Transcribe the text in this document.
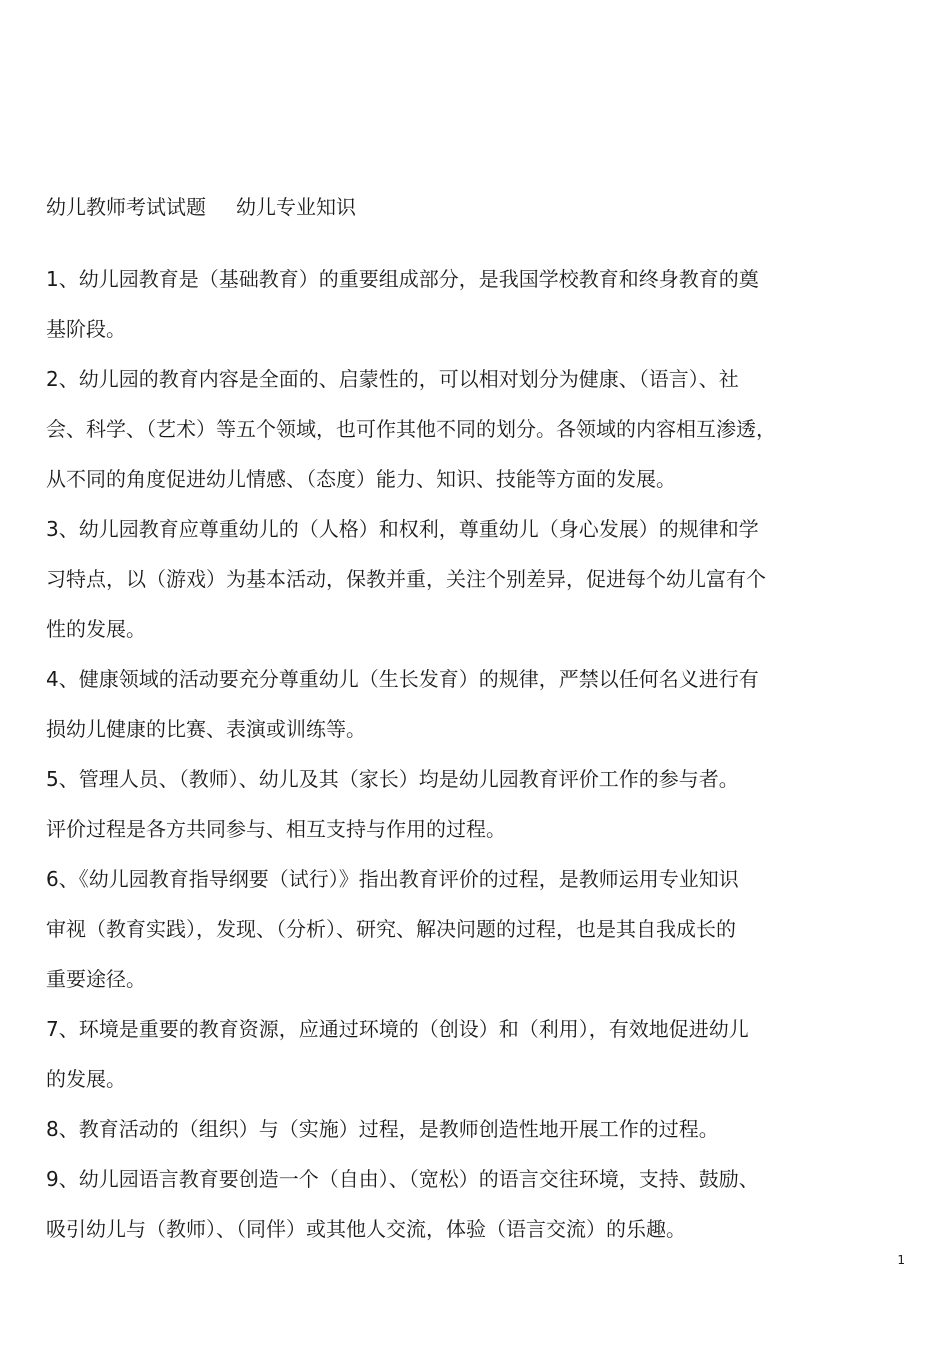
幼儿教师考试试题 幼儿专业知识
1、幼儿园教育是（基础教育）的重要组成部分，是我国学校教育和终身教育的奠
基阶段。
2、幼儿园的教育内容是全面的、启蒙性的，可以相对划分为健康、（语言）、社
会、科学、（艺术）等五个领域，也可作其他不同的划分。各领域的内容相互渗透，
从不同的角度促进幼儿情感、（态度）能力、知识、技能等方面的发展。
3、幼儿园教育应尊重幼儿的（人格）和权利，尊重幼儿（身心发展）的规律和学
习特点，以（游戏）为基本活动，保教并重，关注个别差异，促进每个幼儿富有个
性的发展。
4、健康领域的活动要充分尊重幼儿（生长发育）的规律，严禁以任何名义进行有
损幼儿健康的比赛、表演或训练等。
5、管理人员、（教师）、幼儿及其（家长）均是幼儿园教育评价工作的参与者。
评价过程是各方共同参与、相互支持与作用的过程。
6、《幼儿园教育指导纲要（试行）》指出教育评价的过程，是教师运用专业知识
审视（教育实践），发现、（分析）、研究、解决问题的过程，也是其自我成长的
重要途径。
7、环境是重要的教育资源，应通过环境的（创设）和（利用），有效地促进幼儿
的发展。
8、教育活动的（组织）与（实施）过程，是教师创造性地开展工作的过程。
9、幼儿园语言教育要创造一个（自由）、（宽松）的语言交往环境，支持、鼓励、
吸引幼儿与（教师）、（同伴）或其他人交流，体验（语言交流）的乐趣。
1
